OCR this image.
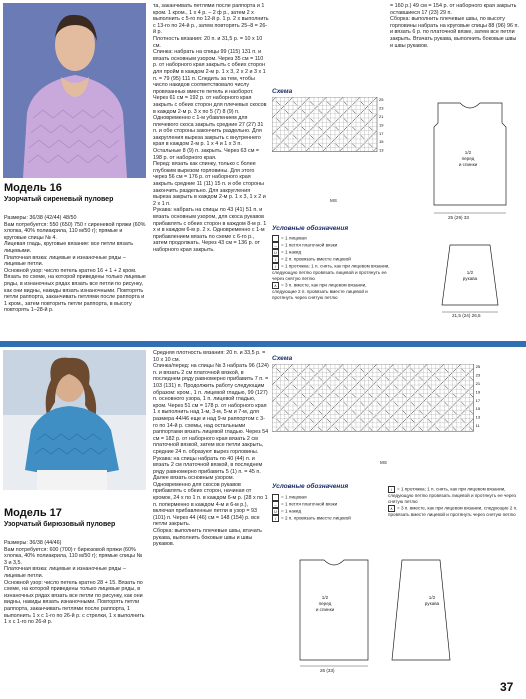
Модель 16
Узорчатый сиреневый пуловер

Размеры: 36/38 (42/44) 48/50

Вам потребуется: 550 (650) 750 г сиреневой пряжи (60% хлопка, 40% полиакрила, 110 м/50 г); прямые и круговые спицы № 4.

Лицевая гладь, круговые вязание: все петли вязать лицевыми.

Платочная вязка: лицевые и изнаночные ряды – лицевые петли.

Основной узор: число петель кратно 16 + 1 + 2 кром. Вязать по схеме, на которой приведены только лицевые ряды, в изнаночных рядах вязать все петли по рисунку, как они видны, накиды вязать изнаночными. Повторять петли раппорта, заканчивать петлями после раппорта и 1 кром., затем повторить петли раппорта, в высоту повторять 1–28-й р.

та, заканчивать петлями после раппорта и 1 кром. 1 кром., 1 х 4 р. – 2 ф р., затем 2 х выполнить с 5-го по 12-й р. 1 р. 2 х выполнить с 13-го по 24-й р., затем повторять 25–8 = 26-й р.

Плотность вязания: 20 п. и 31,5 р. = 10 х 10 см.

Спинка: набрать на спицы 99 (115) 131 п. и вязать основным узором. Через 35 см = 110 р. от наборного края закрыть с обеих сторон для пройм в каждом 2-м р. 1 х 3, 2 х 2 и 3 х 1 п. = 79 (95) 111 п. Следить за тем, чтобы число накидов соответствовало числу провязанных вместе петель и наоборот. Через 61 см = 192 р. от наборного края закрыть с обеих сторон для плечевых скосов в каждом 2-м р. 3 х по 5 (7) 8 (9) п. Одновременно с 1-м убавлением для плечевого скоса закрыть средние 27 (27) 31 п. и обе стороны закончить раздельно. Для закругления выреза закрыть с внутреннего края в каждом 2-м р. 1 х 4 и 1 х 3 п. Остальные 8 (9) п. закрыть. Через 63 см = 198 р. от наборного края.

Перед: вязать как спинку, только с более глубоким вырезом горловины. Для этого через 56 см = 176 р. от наборного края закрыть средние 11 (11) 15 п. и обе стороны закончить раздельно. Для закругления выреза закрыть в каждом 2-м р. 1 х 3, 1 х 2 и 2 х 1 п.

Рукава: набрать на спицы по 43 (41) 51 п. и вязать основным узором, для скоса рукавов прибавлять с обеих сторон в каждом 8-м р. 1 х и в каждом 6-м р. 2 х. Одновременно с 1-м прибавлением вязать по схеме с 6-го р., затем продолжать. Через 43 см = 136 р. от наборного края закрыть.

= 160 р.) 49 см = 154 р. от наборного края закрыть оставшиеся 17 (23) 29 п.

Сборка: выполнить плечевые швы, по высоту горловины набрать на круговые спицы 88 (96) 96 п. и вязать 6 р. по платочной вязке, затем все петли закрыть. Втачать рукава, выполнить боковые швы и швы рукавов.

Схема
25
23
21
19
17
15
13
MS
1/2
перед
и спинки
25 (29) 33
1/2
рукава
21,5 (24) 26,5
Условные обозначения
= 1 лицевая
– = 1 петля платочной вязки
U = 1 накид
/ = 2 п. провязать вместе лицевой
\ = 1 протяжка: 1 п. снять, как при лицевом вязании, следующую петлю провязать лицевой и протянуть ее через снятую петлю
∧ = 3 п. вместе, как при лицевом вязании, следующие 2 п. провязать вместе лицевой и протянуть через снятую петлю
Модель 17
Узорчатый бирюзовый пуловер

Размеры: 36/38 (44/46)

Вам потребуется: 600 (700) г бирюзовой пряжи (60% хлопка, 40% полиакрила, 110 м/50 г); прямые спицы № 3 и 3,5.

Платочная вязка: лицевые и изнаночные ряды – лицевые петли.

Основной узор: число петель кратно 28 + 15. Вязать по схеме, на которой приведены только лицевые ряды, в изнаночных рядах вязать все петли по рисунку, как они видны, накиды вязать изнаночными. Повторять петли раппорта, заканчивать петлями после раппорта, 1 выполнить 1 х с 1-го по 26-й р. с стрелки, 1 х выполнить 1 х с 1-го по 26-й р.

Средняя плотность вязания: 20 п. и 33,5 р. = 10 х 10 см.

Спинка/перед: на спицы № 3 набрать 96 (124) п. и вязать 2 см платочной вязкой, в последнем ряду равномерно прибавить 7 п. = 103 (131) п. Продолжить работу следующим образом: кром., 1 п. лицевой гладью, 99 (127) п. основного узора, 1 п. лицевой гладью, кром. Через 51 см = 178 р. от наборного края 1 х выполнить над 1-м, 3-м, 5-м и 7-м, для размера 44/46 еще и над 9-м раппортом с 3-го по 14-й р. схемы, над остальными раппортами вязать лицевой гладью. Через 54 см = 182 р. от наборного края вязать 2 см платочной вязкой, затем все петли закрыть, средние 24 п. образуют вырез горловины.

Рукава: на спицы набрать по 40 (44) п. и вязать 2 см платочной вязкой, в последнем ряду равномерно прибавить 5 (1) п. = 45 п. Далее вязать основным узором. Одновременно для скосов рукавов прибавлять с обеих сторон, начиная от кромок, 24 х по 1 п. в каждом 6-м р. (28 х по 1 п. поперменно в каждом 4-м и 6-м р.), включая прибавленные петли в узор = 93 (101) п. Через 44 (46) см = 148 (154) р. все петли закрыть.

Сборка: выполнить плечевые швы, втачать рукава, выполнить боковые швы и швы рукавов.

Схема
25
23
21
19
17
15
13
11
MS
Условные обозначения
= 1 лицевая
– = 1 петля платочной вязки
U = 1 накид
/ = 2 п. провязать вместе лицевой
\ = 1 протяжка: 1 п. снять, как при лицевом вязании, следующую петлю провязать лицевой и протянуть ее через снятую петлю
∧ = 3 п. вместе, как при лицевом вязании, следующие 2 п. провязать вместе лицевой и протянуть через снятую петлю
1/2
перед
и спинки
1/2
рукава
26 (33)
37
